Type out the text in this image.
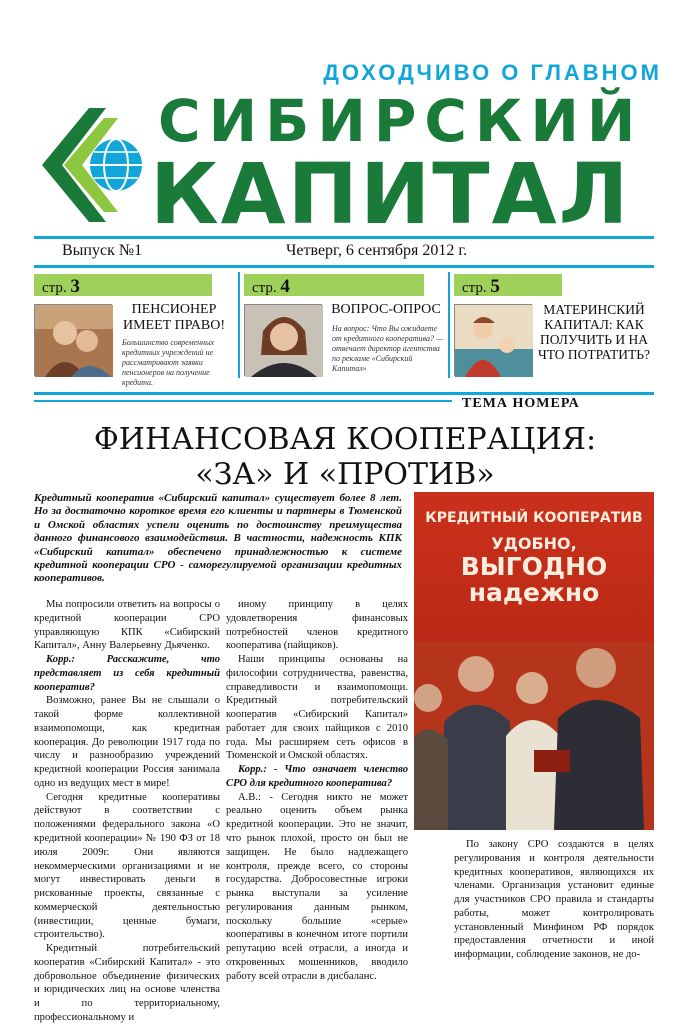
ДОХОДЧИВО О ГЛАВНОМ
СИБИРСКИЙ
КАПИТАЛ
Выпуск №1	Четверг, 6 сентября 2012 г.
стр. 3
ПЕНСИОНЕР ИМЕЕТ ПРАВО!
Большинство современных кредитных учреждений не рассматривают заявки пенсионеров на получение кредита.
стр. 4
ВОПРОС-ОПРОС
На вопрос: Что Вы ожидаете от кредитного кооператива? — отвечает директор агентства по рекламе «Сибирский Капитал»
стр. 5
МАТЕРИНСКИЙ КАПИТАЛ: КАК ПОЛУЧИТЬ И НА ЧТО ПОТРАТИТЬ?
ТЕМА НОМЕРА
ФИНАНСОВАЯ КООПЕРАЦИЯ:
«ЗА» И «ПРОТИВ»
Кредитный кооператив «Сибирский капитал» существует более 8 лет. Но за достаточно короткое время его клиенты и партнеры в Тюменской и Омской областях успели оценить по достоинству преимущества данного финансового взаимодействия. В частности, надежность КПК «Сибирский капитал» обеспечено принадлежностью к системе кредитной кооперации СРО - саморегулируемой организации кредитных кооперативов.
КРЕДИТНЫЙ КООПЕРАТИВ
УДОБНО,
ВЫГОДНО
надежно

Мы попросили ответить на вопросы о кредитной кооперации СРО управляющую КПК «Сибирский Капитал», Анну Валерьевну Дьяченко.

Корр.: Расскажите, что представляет из себя кредитный кооператив?

Возможно, ранее Вы не слышали о такой форме коллективной взаимопомощи, как кредитная кооперация. До революции 1917 года по числу и разнообразию учреждений кредитной кооперации Россия занимала одно из ведущих мест в мире!

Сегодня кредитные кооперативы действуют в соответствии с положениями федерального закона «О кредитной кооперации» № 190 ФЗ от 18 июля 2009г. Они являются некоммерческими организациями и не могут инвестировать деньги в рискованные проекты, связанные с коммерческой деятельностью (инвестиции, ценные бумаги, строительство).

Кредитный потребительский кооператив «Сибирский Капитал» - это добровольное объединение физических и юридических лиц на основе членства и по территориальному, профессиональному и

иному принципу в целях удовлетворения финансовых потребностей членов кредитного кооператива (пайщиков).

Наши принципы основаны на философии сотрудничества, равенства, справедливости и взаимопомощи. Кредитный потребительский кооператив «Сибирский Капитал» работает для своих пайщиков с 2010 года. Мы расширяем сеть офисов в Тюменской и Омской областях.

Корр.: - Что означает членство СРО для кредитного кооператива?

А.В.: - Сегодня никто не может реально оценить объем рынка кредитной кооперации. Это не значит, что рынок плохой, просто он был не защищен. Не было надлежащего контроля, прежде всего, со стороны государства. Добросовестные игроки рынка выступали за усиление регулирования данным рынком, поскольку большие «серые» кооперативы в конечном итоге портили репутацию всей отрасли, а иногда и откровенных мошенников, вводило работу всей отрасли в дисбаланс.

По закону СРО создаются в целях регулирования и контроля деятельности кредитных кооперативов, являющихся их членами. Организация установит единые для участников СРО правила и стандарты работы, может контролировать установленный Минфином РФ порядок предоставления отчетности и иной информации, соблюдение законов, не до-
